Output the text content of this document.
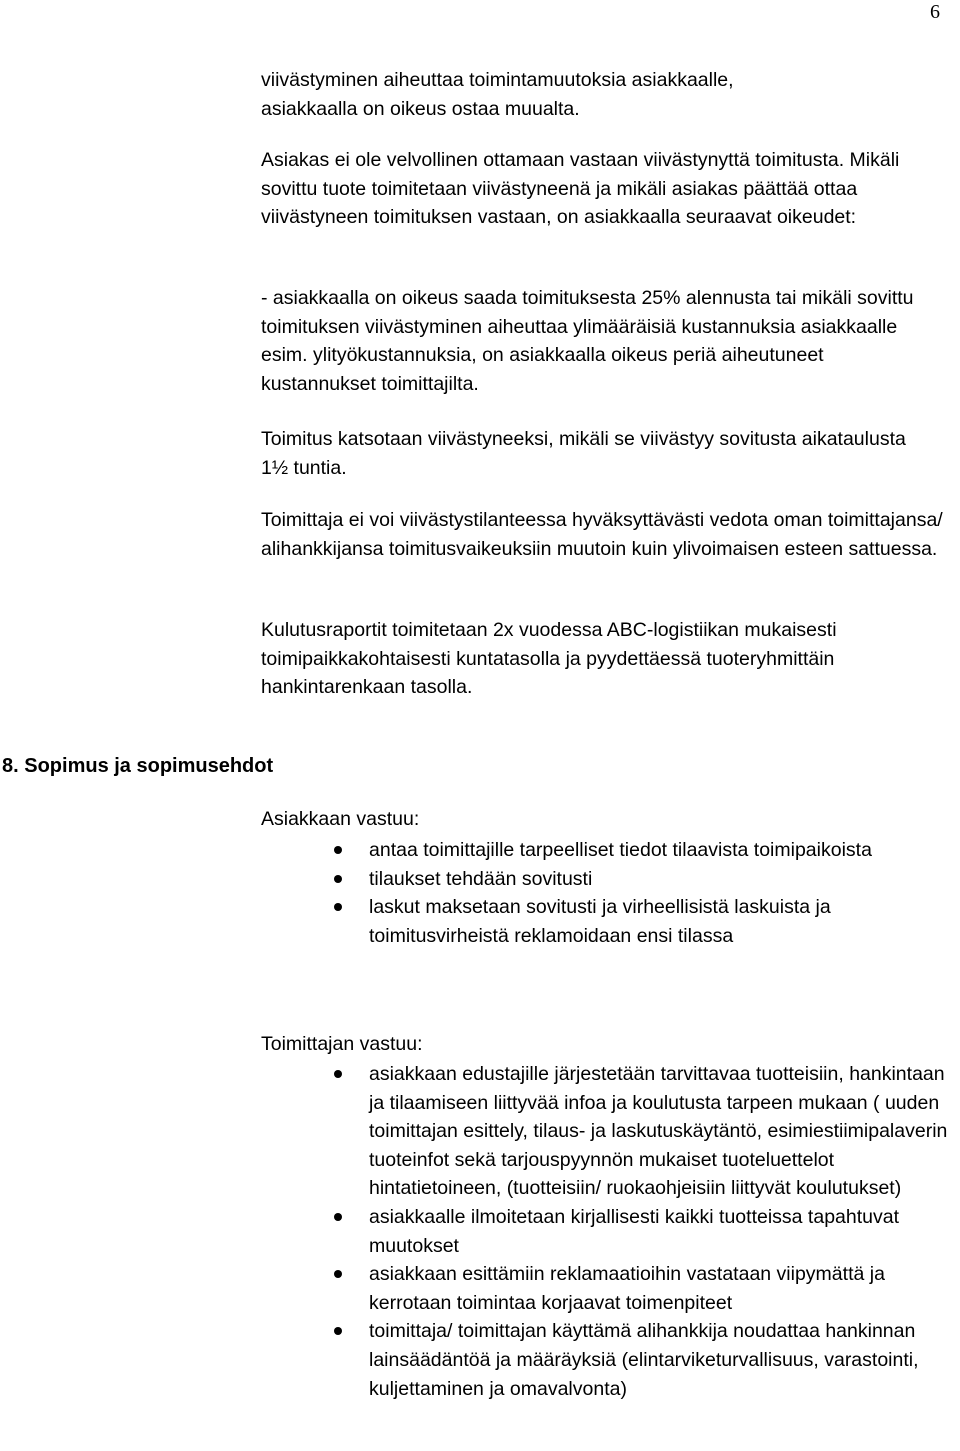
6

viivästyminen aiheuttaa toimintamuutoksia asiakkaalle, asiakkaalla on oikeus ostaa muualta.

Asiakas ei ole velvollinen ottamaan vastaan viivästynyttä toimitusta. Mikäli sovittu tuote toimitetaan viivästyneenä ja mikäli asiakas päättää ottaa viivästyneen toimituksen vastaan, on asiakkaalla seuraavat oikeudet:

- asiakkaalla on oikeus saada toimituksesta 25% alennusta tai mikäli sovittu toimituksen viivästyminen aiheuttaa ylimääräisiä kustannuksia asiakkaalle esim. ylityökustannuksia, on asiakkaalla oikeus periä aiheutuneet kustannukset toimittajilta.

Toimitus katsotaan viivästyneeksi, mikäli se viivästyy sovitusta aikataulusta 1½ tuntia.

Toimittaja ei voi viivästystilanteessa hyväksyttävästi vedota oman toimittajansa/ alihankkijansa toimitusvaikeuksiin muutoin kuin ylivoimaisen esteen sattuessa.

Kulutusraportit toimitetaan 2x vuodessa ABC-logistiikan mukaisesti toimipaikkakohtaisesti kuntatasolla ja pyydettäessä tuoteryhmittäin hankintarenkaan tasolla.

8. Sopimus ja sopimusehdot

Asiakkaan vastuu:

antaa toimittajille tarpeelliset tiedot tilaavista toimipaikoista
tilaukset tehdään sovitusti
laskut maksetaan sovitusti ja virheellisistä laskuista ja toimitusvirheistä reklamoidaan ensi tilassa

Toimittajan vastuu:

asiakkaan edustajille järjestetään tarvittavaa tuotteisiin, hankintaan ja tilaamiseen liittyvää infoa ja koulutusta tarpeen mukaan ( uuden toimittajan esittely, tilaus- ja laskutuskäytäntö, esimiestiimipalaverin tuoteinfot sekä tarjouspyynnön mukaiset tuoteluettelot hintatietoineen, (tuotteisiin/ ruokaohjeisiin liittyvät koulutukset)
asiakkaalle ilmoitetaan kirjallisesti kaikki tuotteissa tapahtuvat muutokset
asiakkaan esittämiin reklamaatioihin vastataan viipymättä ja kerrotaan toimintaa korjaavat toimenpiteet
toimittaja/ toimittajan käyttämä alihankkija noudattaa hankinnan lainsäädäntöä ja määräyksiä (elintarviketurvallisuus, varastointi, kuljettaminen ja omavalvonta)
